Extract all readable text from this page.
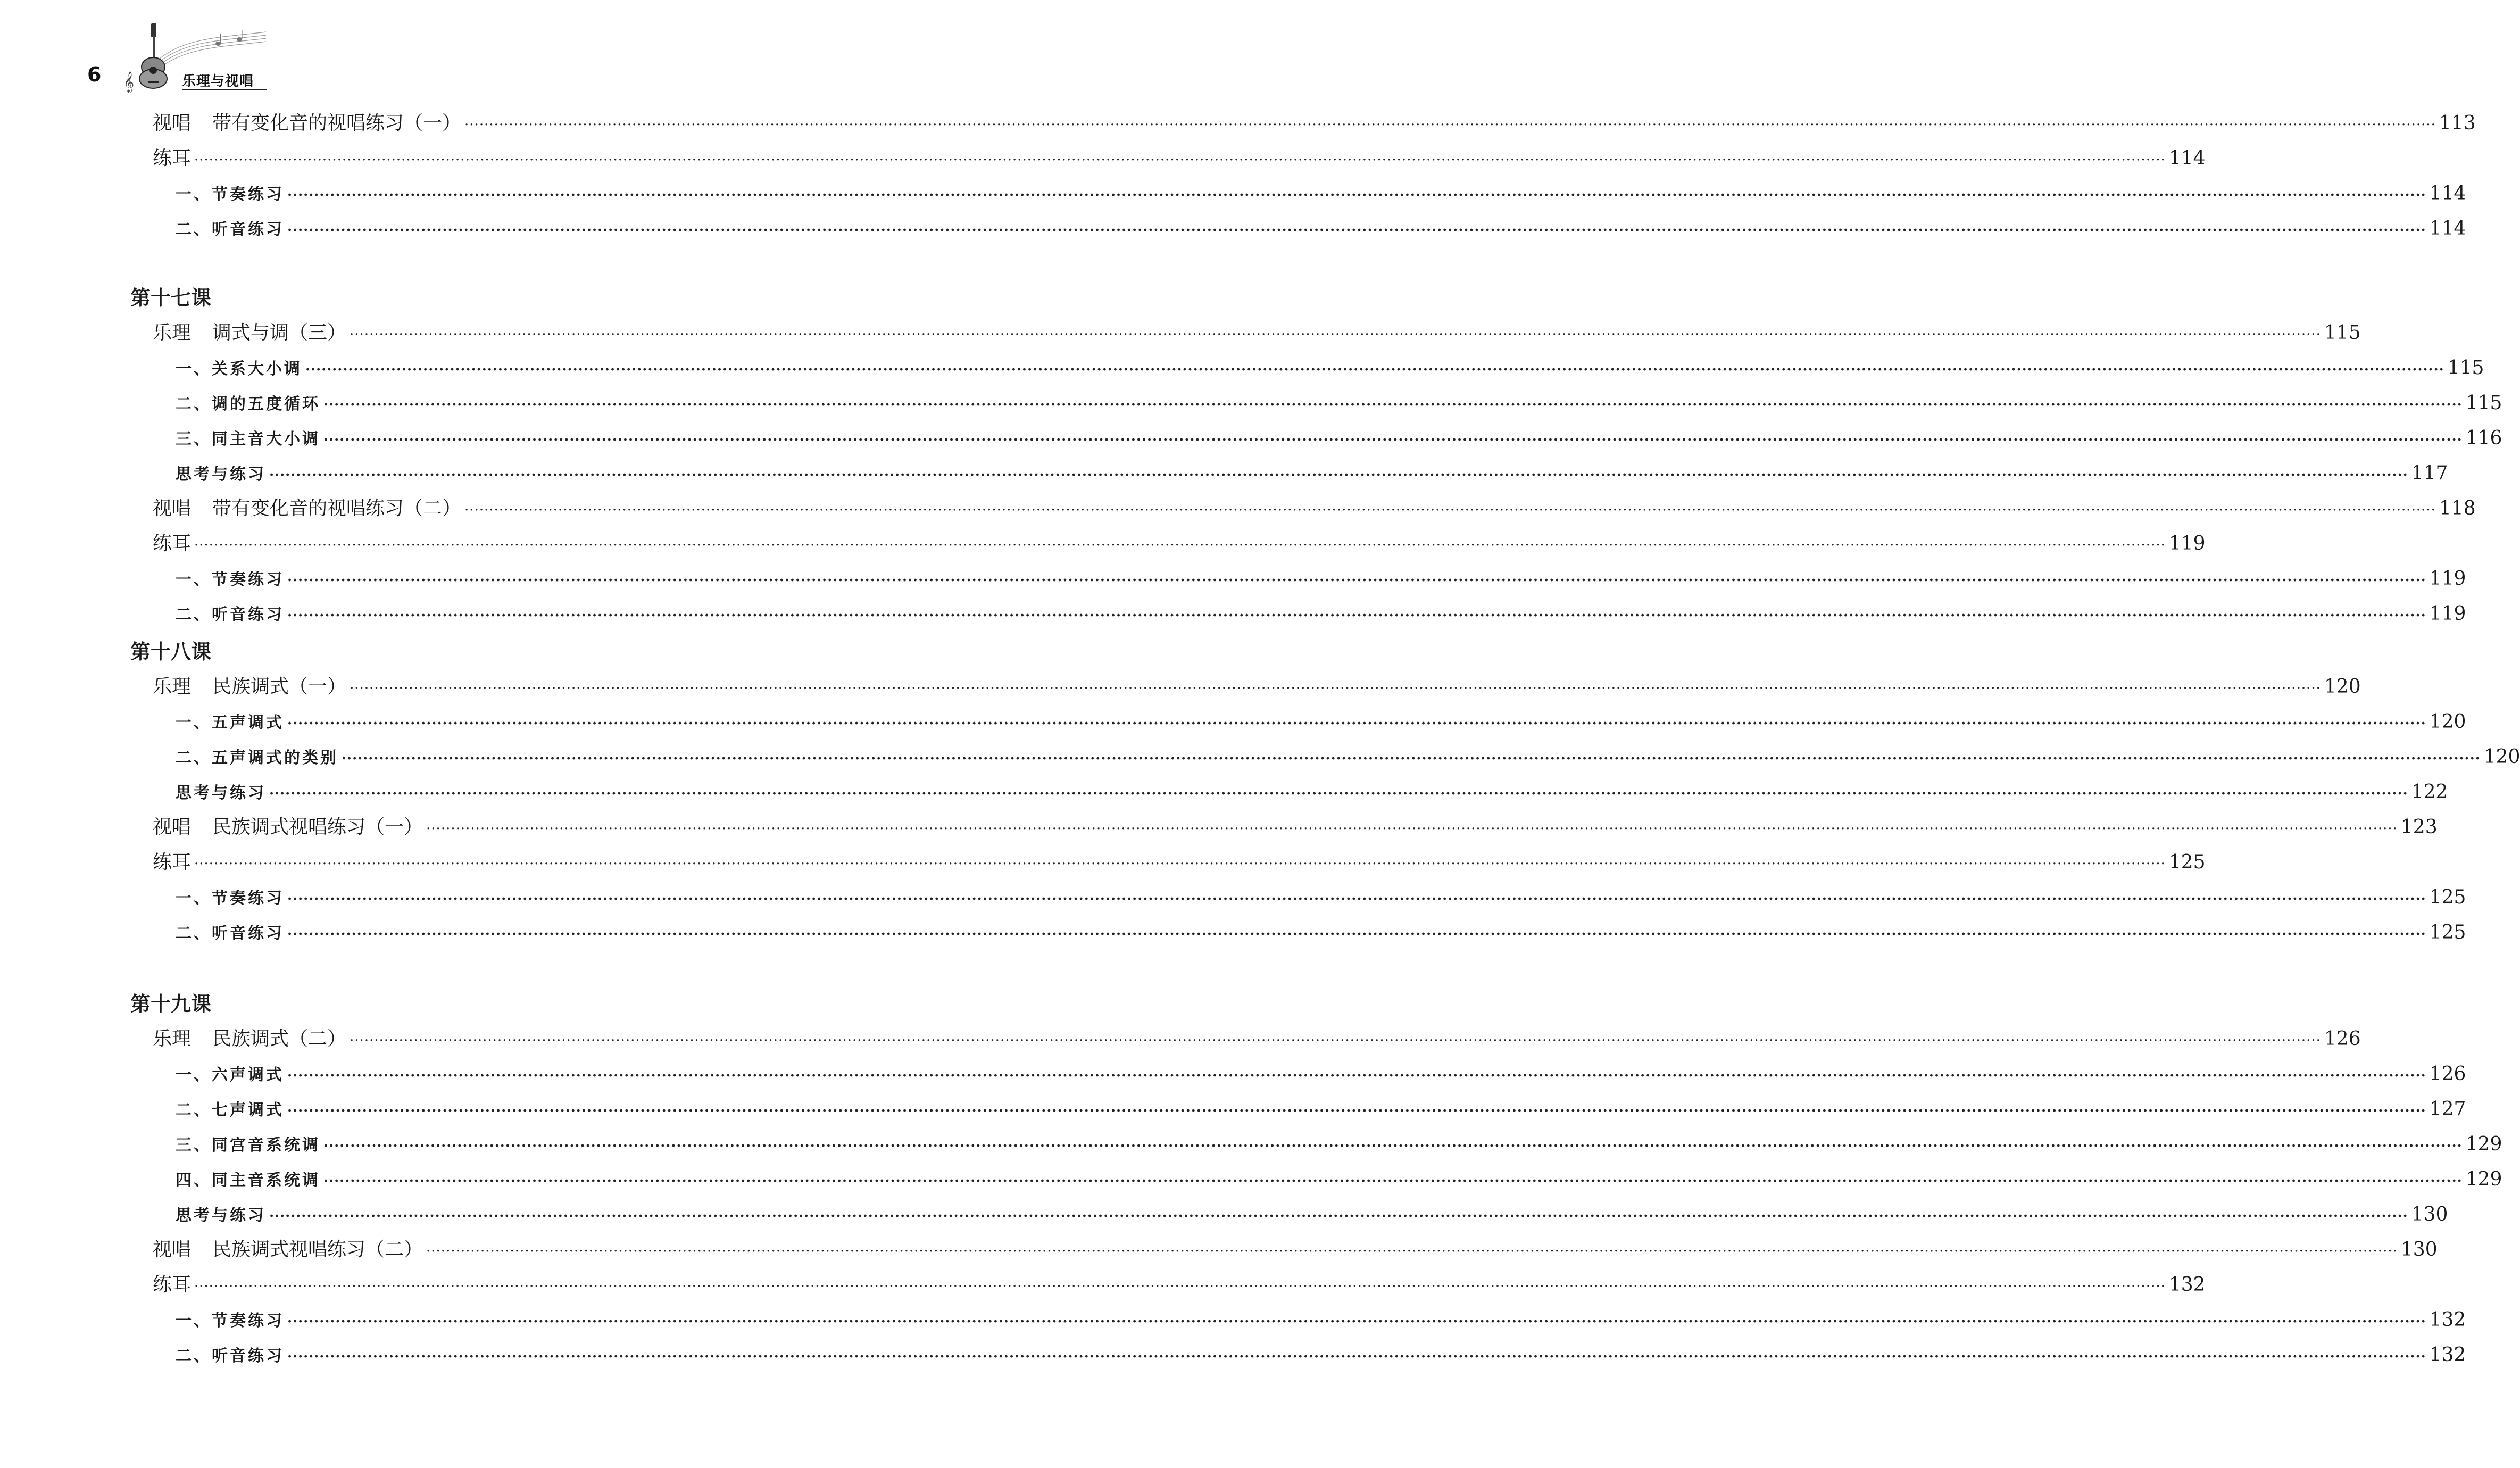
6 𝄞	乐理与视唱
视唱 带有变化音的视唱练习（一） ················································································································································································································································································································································································································ 113
练耳 ················································································································································································································································································································································································································ 114
一、节奏练习 ················································································································································································································································································································································································································ 114
二、听音练习 ················································································································································································································································································································································································································ 114
第十七课
乐理 调式与调（三） ················································································································································································································································································································································································································ 115
一、关系大小调 ················································································································································································································································································································································································································ 115
二、调的五度循环 ················································································································································································································································································································································································································ 115
三、同主音大小调 ················································································································································································································································································································································································································ 116
思考与练习 ················································································································································································································································································································································································································ 117
视唱 带有变化音的视唱练习（二） ················································································································································································································································································································································································································ 118
练耳 ················································································································································································································································································································································································································ 119
一、节奏练习 ················································································································································································································································································································································································································ 119
二、听音练习 ················································································································································································································································································································································································································ 119
第十八课
乐理 民族调式（一） ················································································································································································································································································································································································································ 120
一、五声调式 ················································································································································································································································································································································································································ 120
二、五声调式的类别 ················································································································································································································································································································································································································ 120
思考与练习 ················································································································································································································································································································································································································ 122
视唱 民族调式视唱练习（一） ················································································································································································································································································································································································································ 123
练耳 ················································································································································································································································································································································································································ 125
一、节奏练习 ················································································································································································································································································································································································································ 125
二、听音练习 ················································································································································································································································································································································································································ 125
第十九课
乐理 民族调式（二） ················································································································································································································································································································································································································ 126
一、六声调式 ················································································································································································································································································································································································································ 126
二、七声调式 ················································································································································································································································································································································································································ 127
三、同宫音系统调 ················································································································································································································································································································································································································ 129
四、同主音系统调 ················································································································································································································································································································································································································ 129
思考与练习 ················································································································································································································································································································································································································ 130
视唱 民族调式视唱练习（二） ················································································································································································································································································································································································································ 130
练耳 ················································································································································································································································································································································································································ 132
一、节奏练习 ················································································································································································································································································································································································································ 132
二、听音练习 ················································································································································································································································································································································································································ 132
